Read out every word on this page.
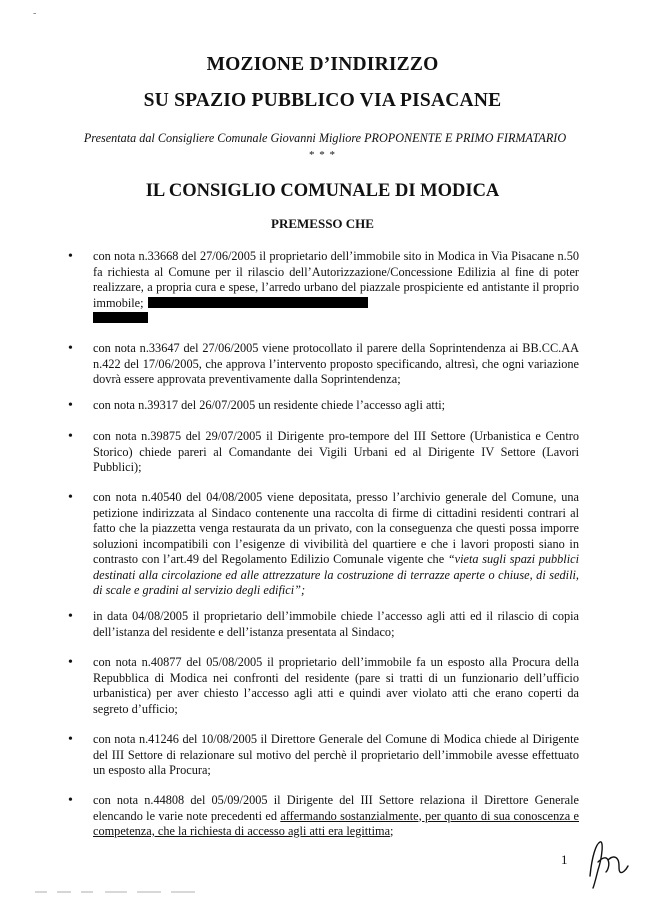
-
MOZIONE D’INDIRIZZO
SU SPAZIO PUBBLICO VIA PISACANE
Presentata dal Consigliere Comunale Giovanni Migliore PROPONENTE E PRIMO FIRMATARIO
* * *
IL CONSIGLIO COMUNALE DI MODICA
PREMESSO CHE
• con nota n.33668 del 27/06/2005 il proprietario dell’immobile sito in Modica in Via Pisacane n.50 fa richiesta al Comune per il rilascio dell’Autorizzazione/Concessione Edilizia al fine di poter realizzare, a propria cura e spese, l’arredo urbano del piazzale prospiciente ed antistante il proprio immobile;

• con nota n.33647 del 27/06/2005 viene protocollato il parere della Soprintendenza ai BB.CC.AA n.422 del 17/06/2005, che approva l’intervento proposto specificando, altresì, che ogni variazione dovrà essere approvata preventivamente dalla Soprintendenza;
• con nota n.39317 del 26/07/2005 un residente chiede l’accesso agli atti;
• con nota n.39875 del 29/07/2005 il Dirigente pro-tempore del III Settore (Urbanistica e Centro Storico) chiede pareri al Comandante dei Vigili Urbani ed al Dirigente IV Settore (Lavori Pubblici);
• con nota n.40540 del 04/08/2005 viene depositata, presso l’archivio generale del Comune, una petizione indirizzata al Sindaco contenente una raccolta di firme di cittadini residenti contrari al fatto che la piazzetta venga restaurata da un privato, con la conseguenza che questi possa imporre soluzioni incompatibili con l’esigenze di vivibilità del quartiere e che i lavori proposti siano in contrasto con l’art.49 del Regolamento Edilizio Comunale vigente che “vieta sugli spazi pubblici destinati alla circolazione ed alle attrezzature la costruzione di terrazze aperte o chiuse, di sedili, di scale e gradini al servizio degli edifici”;
• in data 04/08/2005 il proprietario dell’immobile chiede l’accesso agli atti ed il rilascio di copia dell’istanza del residente e dell’istanza presentata al Sindaco;
• con nota n.40877 del 05/08/2005 il proprietario dell’immobile fa un esposto alla Procura della Repubblica di Modica nei confronti del residente (pare si tratti di un funzionario dell’ufficio urbanistica) per aver chiesto l’accesso agli atti e quindi aver violato atti che erano coperti da segreto d’ufficio;
• con nota n.41246 del 10/08/2005 il Direttore Generale del Comune di Modica chiede al Dirigente del III Settore di relazionare sul motivo del perchè il proprietario dell’immobile avesse effettuato un esposto alla Procura;
• con nota n.44808 del 05/09/2005 il Dirigente del III Settore relaziona il Direttore Generale elencando le varie note precedenti ed affermando sostanzialmente, per quanto di sua conoscenza e competenza, che la richiesta di accesso agli atti era legittima;
1
